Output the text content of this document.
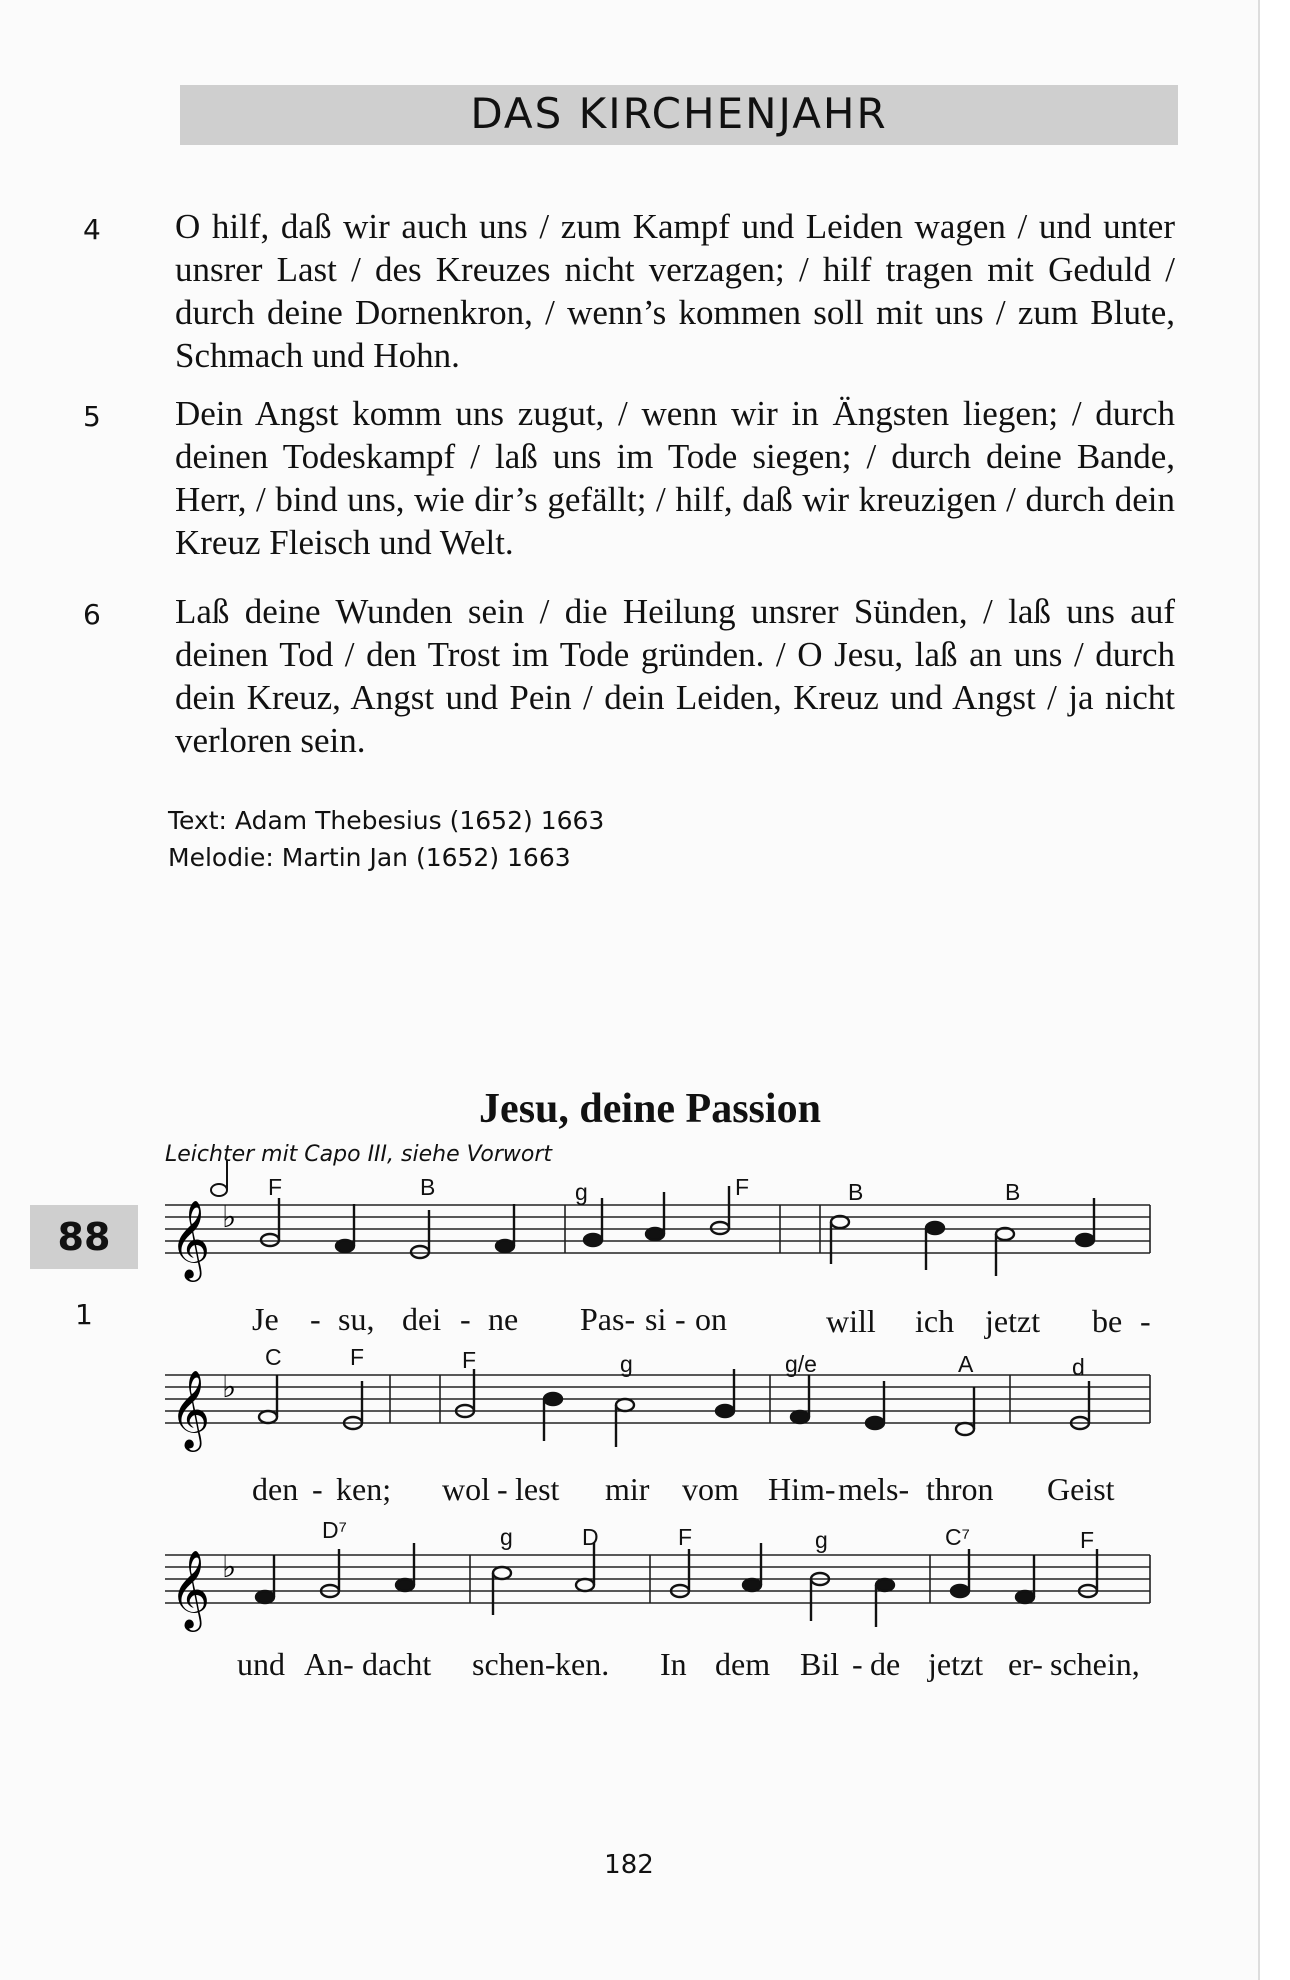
DAS KIRCHENJAHR
4 O hilf, daß wir auch uns / zum Kampf und Leiden wagen / und unter unsrer Last / des Kreuzes nicht verzagen; / hilf tragen mit Geduld / durch deine Dornenkron, / wenn’s kommen soll mit uns / zum Blute, Schmach und Hohn.
5 Dein Angst komm uns zugut, / wenn wir in Ängsten liegen; / durch deinen Todeskampf / laß uns im Tode siegen; / durch deine Bande, Herr, / bind uns, wie dir’s gefällt; / hilf, daß wir kreuzigen / durch dein Kreuz Fleisch und Welt.
6 Laß deine Wunden sein / die Heilung unsrer Sünden, / laß uns auf deinen Tod / den Trost im Tode gründen. / O Jesu, laß an uns / durch dein Kreuz, Angst und Pein / dein Leiden, Kreuz und Angst / ja nicht verloren sein.
Text: Adam Thebesius (1652) 1663
Melodie: Martin Jan (1652) 1663
Jesu, deine Passion
Leichter mit Capo III, siehe Vorwort
88
1
𝄞 ♭
𝄞 ♭
𝄞 ♭
F	B	g	F	B	B
C	F	F	g	g/e	A	d
D⁷	g	D	F	g	C⁷	F
Je - su, dei - ne Pas- si - on	will ich jetzt be -
den - ken; wol - lest mir vom Him- mels- thron Geist
und An- dacht schen- ken. In dem Bil - de jetzt er- schein,
182
